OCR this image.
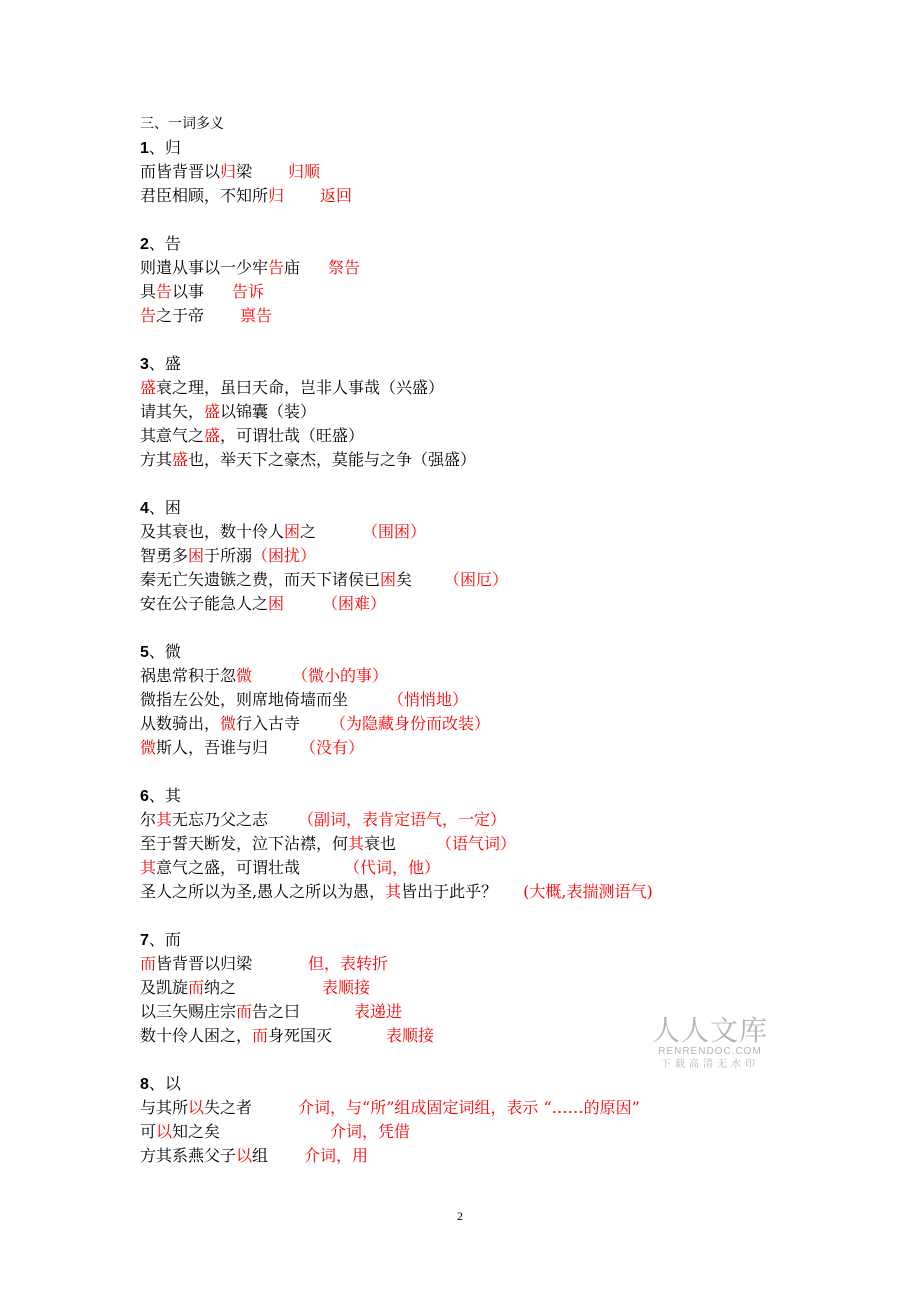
三、一词多义
1、归
而皆背晋以归梁 归顺
君臣相顾，不知所归 返回
2、告
则遣从事以一少牢告庙 祭告
具告以事 告诉
告之于帝 禀告
3、盛
盛衰之理，虽曰天命，岂非人事哉（兴盛）
请其矢，盛以锦囊（装）
其意气之盛，可谓壮哉（旺盛）
方其盛也，举天下之豪杰，莫能与之争（强盛）
4、困
及其衰也，数十伶人困之	（围困）
智勇多困于所溺（困扰）
秦无亡矢遗镞之费，而天下诸侯已困矣 （困厄）
安在公子能急人之困 （困难）
5、微
祸患常积于忽微	（微小的事）
微指左公处，则席地倚墙而坐	（悄悄地）
从数骑出，微行入古寺 （为隐藏身份而改装）
微斯人，吾谁与归 （没有）
6、其
尔其无忘乃父之志 （副词，表肯定语气，一定）
至于誓天断发，泣下沾襟，何其衰也	（语气词）
其意气之盛，可谓壮哉	（代词，他）
圣人之所以为圣,愚人之所以为愚，其皆出于此乎？ (大概,表揣测语气)
7、而
而皆背晋以归梁	但，表转折
及凯旋而纳之	表顺接
以三矢赐庄宗而告之曰	表递进
数十伶人困之，而身死国灭	表顺接
8、以
与其所以失之者	介词，与“所”组成固定词组，表示 “……的原因”
可以知之矣	介词，凭借
方其系燕父子以组 介词，用
人人文库
RENRENDOC.COM
下载高清无水印
2
